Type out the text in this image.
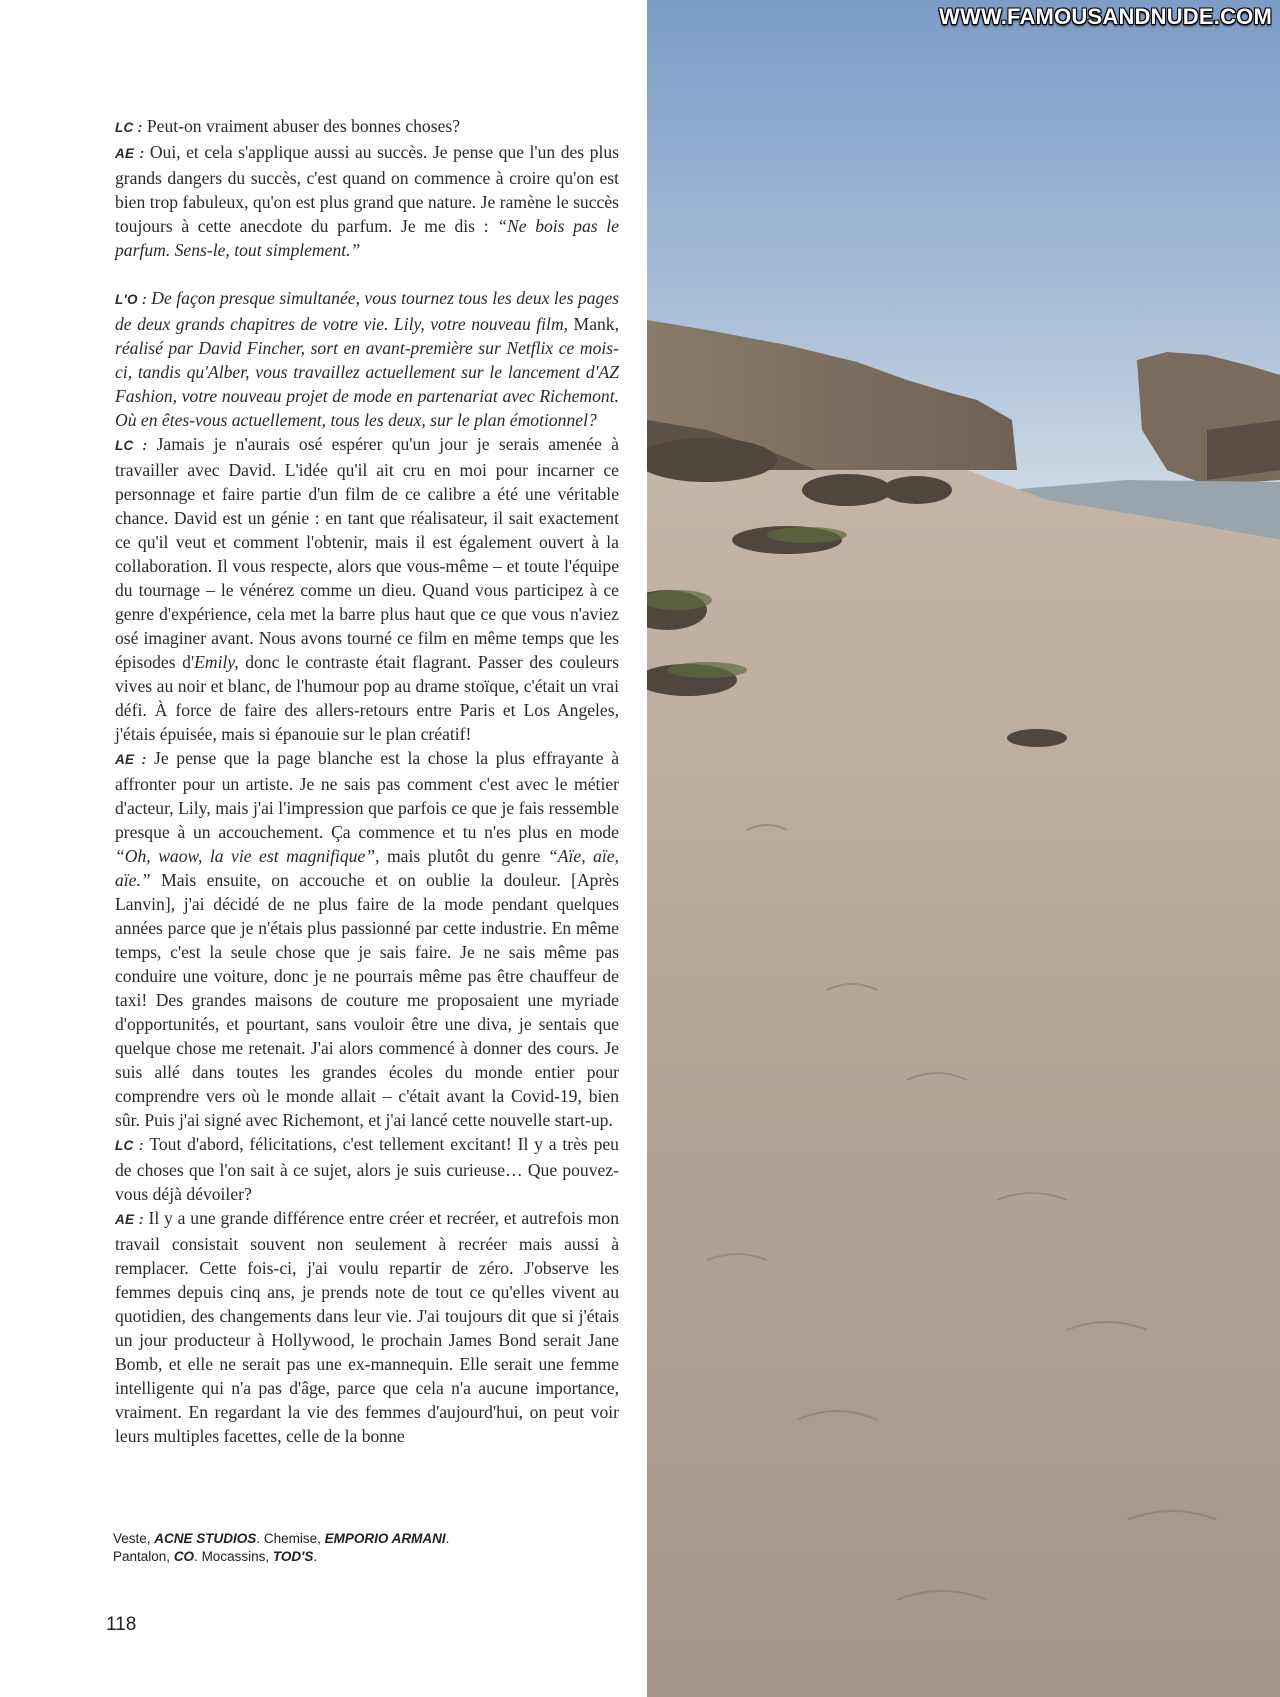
LC : Peut-on vraiment abuser des bonnes choses?

AE : Oui, et cela s'applique aussi au succès. Je pense que l'un des plus grands dangers du succès, c'est quand on commence à croire qu'on est bien trop fabuleux, qu'on est plus grand que nature. Je ramène le succès toujours à cette anecdote du parfum. Je me dis : “Ne bois pas le parfum. Sens-le, tout simplement.”

L'O : De façon presque simultanée, vous tournez tous les deux les pages de deux grands chapitres de votre vie. Lily, votre nouveau film, Mank, réalisé par David Fincher, sort en avant-première sur Netflix ce mois-ci, tandis qu'Alber, vous travaillez actuellement sur le lancement d'AZ Fashion, votre nouveau projet de mode en partenariat avec Richemont. Où en êtes-vous actuellement, tous les deux, sur le plan émotionnel?

LC : Jamais je n'aurais osé espérer qu'un jour je serais amenée à travailler avec David. L'idée qu'il ait cru en moi pour incarner ce personnage et faire partie d'un film de ce calibre a été une véritable chance. David est un génie : en tant que réalisateur, il sait exactement ce qu'il veut et comment l'obtenir, mais il est également ouvert à la collaboration. Il vous respecte, alors que vous-même – et toute l'équipe du tournage – le vénérez comme un dieu. Quand vous participez à ce genre d'expérience, cela met la barre plus haut que ce que vous n'aviez osé imaginer avant. Nous avons tourné ce film en même temps que les épisodes d'Emily, donc le contraste était flagrant. Passer des couleurs vives au noir et blanc, de l'humour pop au drame stoïque, c'était un vrai défi. À force de faire des allers-retours entre Paris et Los Angeles, j'étais épuisée, mais si épanouie sur le plan créatif!

AE : Je pense que la page blanche est la chose la plus effrayante à affronter pour un artiste. Je ne sais pas comment c'est avec le métier d'acteur, Lily, mais j'ai l'impression que parfois ce que je fais ressemble presque à un accouchement. Ça commence et tu n'es plus en mode “Oh, waow, la vie est magnifique”, mais plutôt du genre “Aïe, aïe, aïe.” Mais ensuite, on accouche et on oublie la douleur. [Après Lanvin], j'ai décidé de ne plus faire de la mode pendant quelques années parce que je n'étais plus passionné par cette industrie. En même temps, c'est la seule chose que je sais faire. Je ne sais même pas conduire une voiture, donc je ne pourrais même pas être chauffeur de taxi! Des grandes maisons de couture me proposaient une myriade d'opportunités, et pourtant, sans vouloir être une diva, je sentais que quelque chose me retenait. J'ai alors commencé à donner des cours. Je suis allé dans toutes les grandes écoles du monde entier pour comprendre vers où le monde allait – c'était avant la Covid-19, bien sûr. Puis j'ai signé avec Richemont, et j'ai lancé cette nouvelle start-up.

LC : Tout d'abord, félicitations, c'est tellement excitant! Il y a très peu de choses que l'on sait à ce sujet, alors je suis curieuse… Que pouvez-vous déjà dévoiler?

AE : Il y a une grande différence entre créer et recréer, et autrefois mon travail consistait souvent non seulement à recréer mais aussi à remplacer. Cette fois-ci, j'ai voulu repartir de zéro. J'observe les femmes depuis cinq ans, je prends note de tout ce qu'elles vivent au quotidien, des changements dans leur vie. J'ai toujours dit que si j'étais un jour producteur à Hollywood, le prochain James Bond serait Jane Bomb, et elle ne serait pas une ex-mannequin. Elle serait une femme intelligente qui n'a pas d'âge, parce que cela n'a aucune importance, vraiment. En regardant la vie des femmes d'aujourd'hui, on peut voir leurs multiples facettes, celle de la bonne

Veste, ACNE STUDIOS. Chemise, EMPORIO ARMANI.
Pantalon, CO. Mocassins, TOD'S.
118
WWW.FAMOUSANDNUDE.COM
